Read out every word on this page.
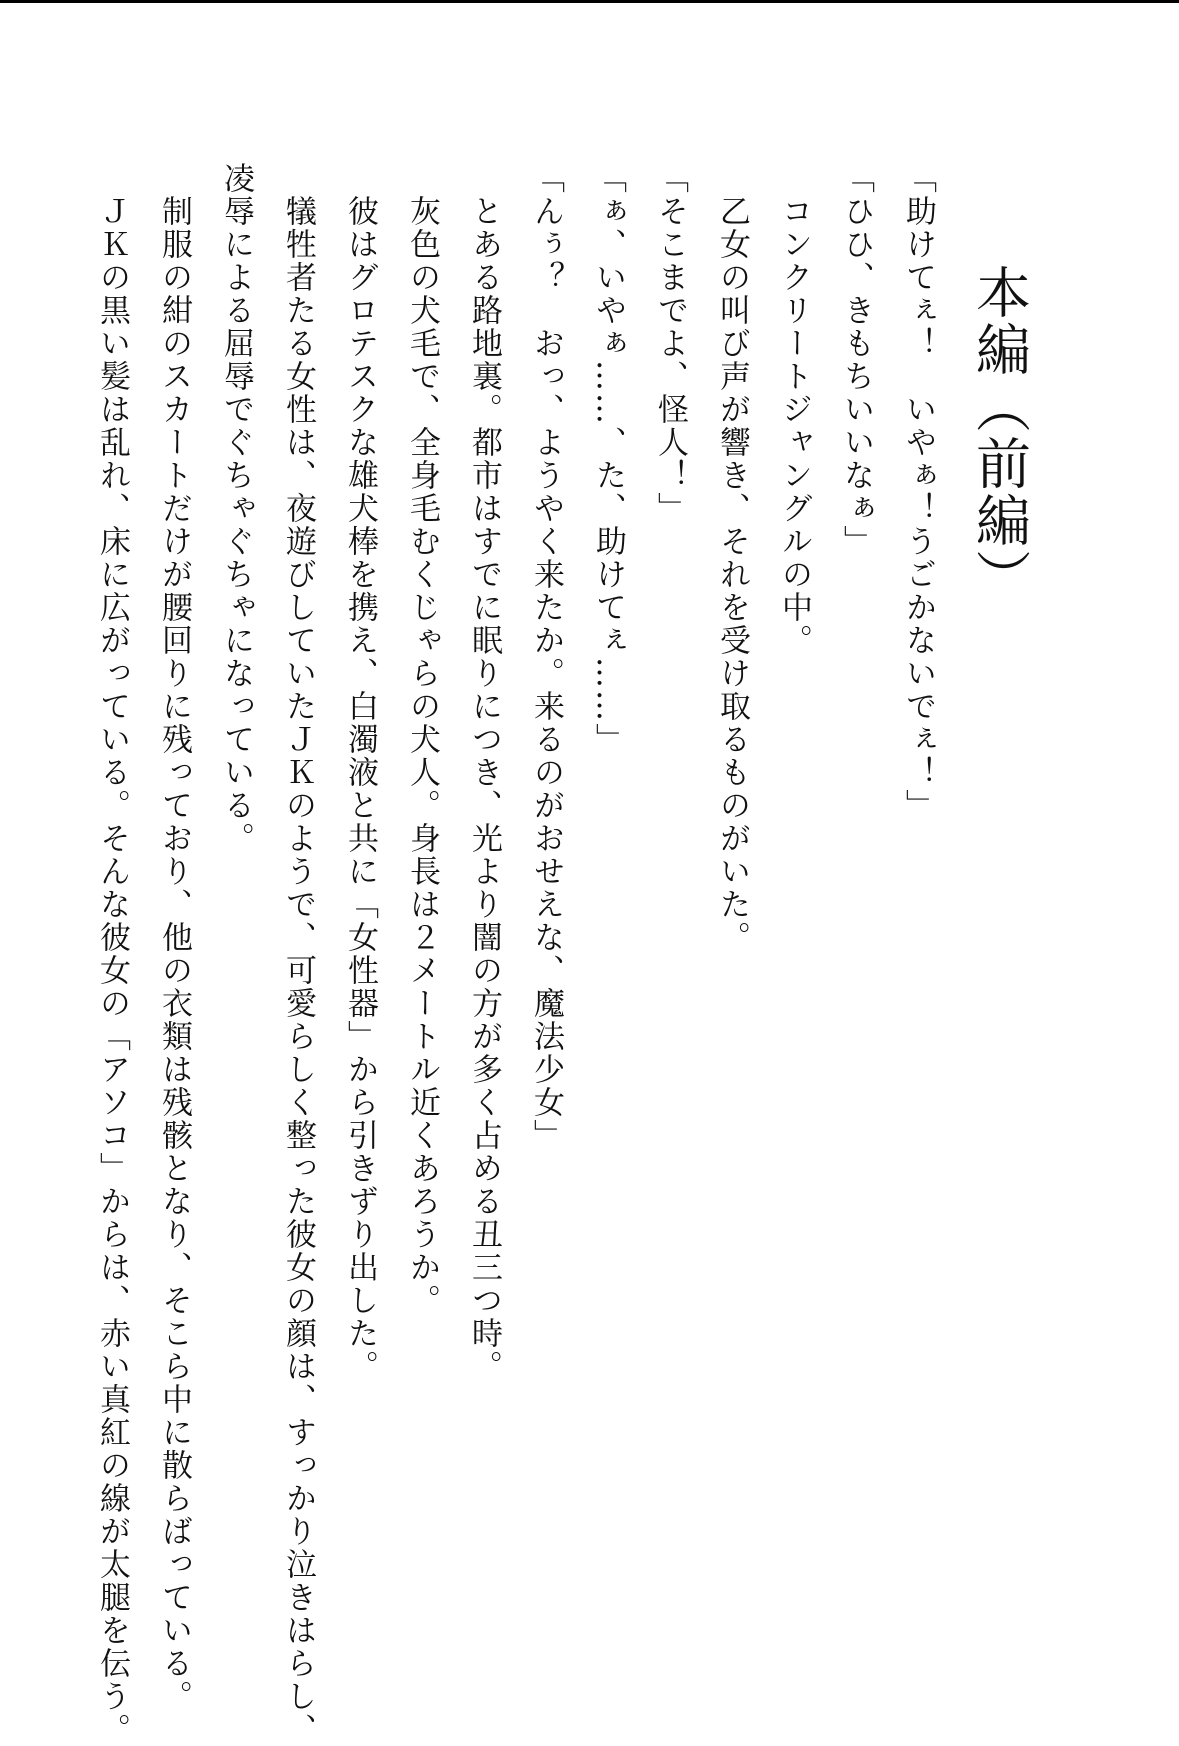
本編（前編）

「助けてぇ！　いやぁ！うごかないでぇ！」

「ひひ、きもちいいなぁ」

　コンクリートジャングルの中。

　乙女の叫び声が響き、それを受け取るものがいた。

「そこまでよ、怪人！」

「ぁ、いやぁ……、た、助けてぇ……」

「んぅ？　おっ、ようやく来たか。来るのがおせえな、魔法少女」

　とある路地裏。都市はすでに眠りにつき、光より闇の方が多く占める丑三つ時。

　灰色の犬毛で、全身毛むくじゃらの犬人。身長は２メートル近くあろうか。

　彼はグロテスクな雄犬棒を携え、白濁液と共に「女性器」から引きずり出した。

　犠牲者たる女性は、夜遊びしていたＪＫのようで、可愛らしく整った彼女の顔は、すっかり泣きはらし、

凌辱による屈辱でぐちゃぐちゃになっている。

　制服の紺のスカートだけが腰回りに残っており、他の衣類は残骸となり、そこら中に散らばっている。

　ＪＫの黒い髪は乱れ、床に広がっている。そんな彼女の「アソコ」からは、赤い真紅の線が太腿を伝う。
